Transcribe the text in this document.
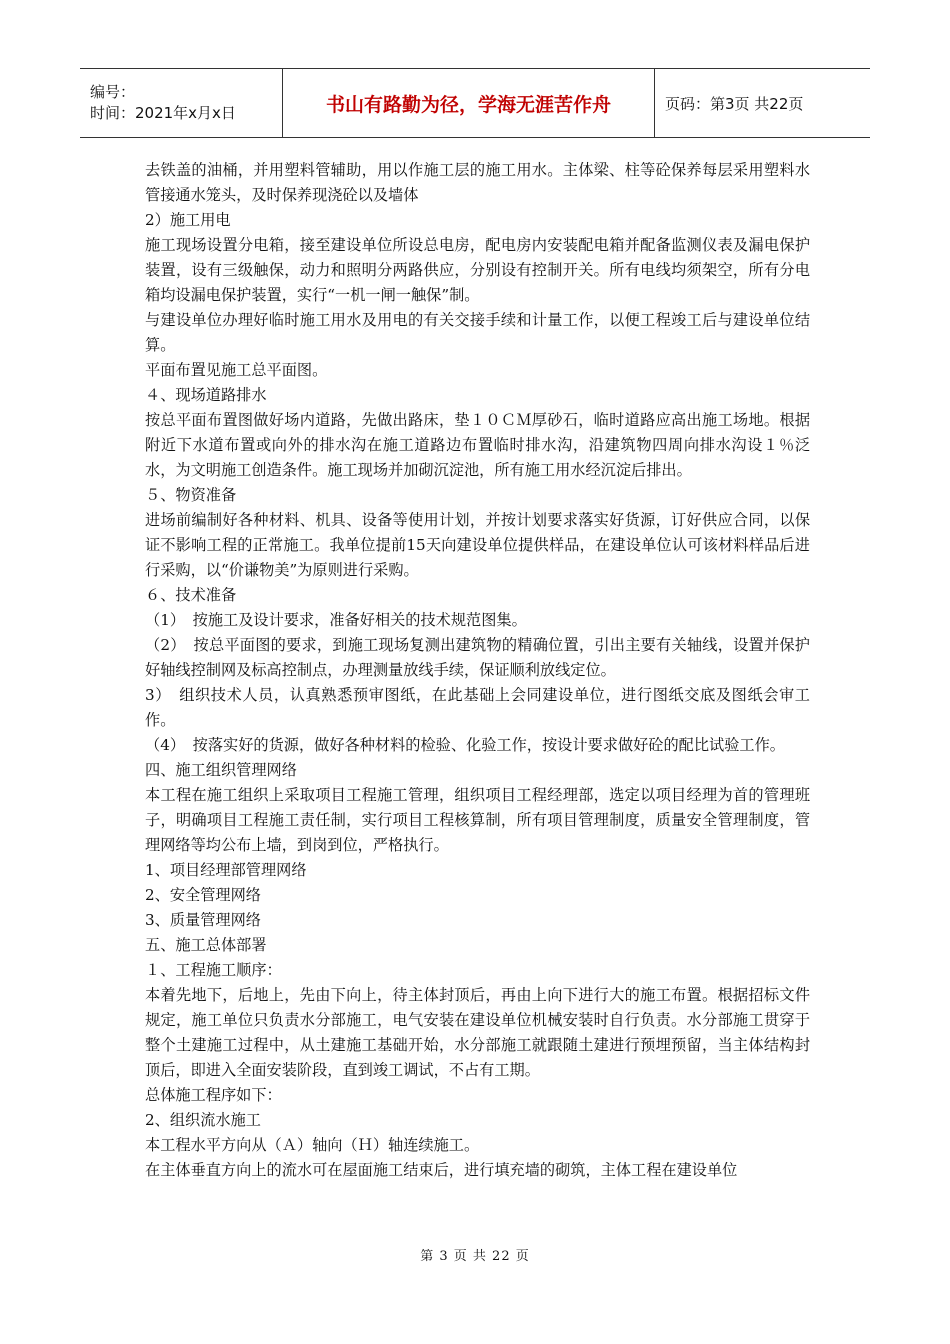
编号：
时间：2021年x月x日	书山有路勤为径，学海无涯苦作舟	页码：第3页 共22页

去铁盖的油桶，并用塑料管辅助，用以作施工层的施工用水。主体梁、柱等砼保养每层采用塑料水管接通水笼头，及时保养现浇砼以及墙体

2）施工用电

施工现场设置分电箱，接至建设单位所设总电房，配电房内安装配电箱并配备监测仪表及漏电保护装置，设有三级触保，动力和照明分两路供应，分别设有控制开关。所有电线均须架空，所有分电箱均设漏电保护装置，实行“一机一闸一触保”制。

与建设单位办理好临时施工用水及用电的有关交接手续和计量工作，以便工程竣工后与建设单位结算。

平面布置见施工总平面图。

４、现场道路排水

按总平面布置图做好场内道路，先做出路床，垫１０ＣＭ厚砂石，临时道路应高出施工场地。根据附近下水道布置或向外的排水沟在施工道路边布置临时排水沟，沿建筑物四周向排水沟设１％泛水，为文明施工创造条件。施工现场并加砌沉淀池，所有施工用水经沉淀后排出。

５、物资准备

进场前编制好各种材料、机具、设备等使用计划，并按计划要求落实好货源，订好供应合同，以保证不影响工程的正常施工。我单位提前15天向建设单位提供样品，在建设单位认可该材料样品后进行采购，以“价谦物美”为原则进行采购。

６、技术准备

（1）　按施工及设计要求，准备好相关的技术规范图集。

（2）　按总平面图的要求，到施工现场复测出建筑物的精确位置，引出主要有关轴线，设置并保护好轴线控制网及标高控制点，办理测量放线手续，保证顺利放线定位。

3）　组织技术人员，认真熟悉预审图纸，在此基础上会同建设单位，进行图纸交底及图纸会审工作。

（4）　按落实好的货源，做好各种材料的检验、化验工作，按设计要求做好砼的配比试验工作。

四、施工组织管理网络

本工程在施工组织上采取项目工程施工管理，组织项目工程经理部，选定以项目经理为首的管理班子，明确项目工程施工责任制，实行项目工程核算制，所有项目管理制度，质量安全管理制度，管理网络等均公布上墙，到岗到位，严格执行。

1、项目经理部管理网络

2、安全管理网络

3、质量管理网络

五、施工总体部署

１、工程施工顺序：

本着先地下，后地上，先由下向上，待主体封顶后，再由上向下进行大的施工布置。根据招标文件规定，施工单位只负责水分部施工，电气安装在建设单位机械安装时自行负责。水分部施工贯穿于整个土建施工过程中，从土建施工基础开始，水分部施工就跟随土建进行预埋预留，当主体结构封顶后，即进入全面安装阶段，直到竣工调试，不占有工期。

总体施工程序如下：

2、组织流水施工

本工程水平方向从（Ａ）轴向（Ｈ）轴连续施工。

在主体垂直方向上的流水可在屋面施工结束后，进行填充墙的砌筑，主体工程在建设单位

第 3 页 共 22 页
